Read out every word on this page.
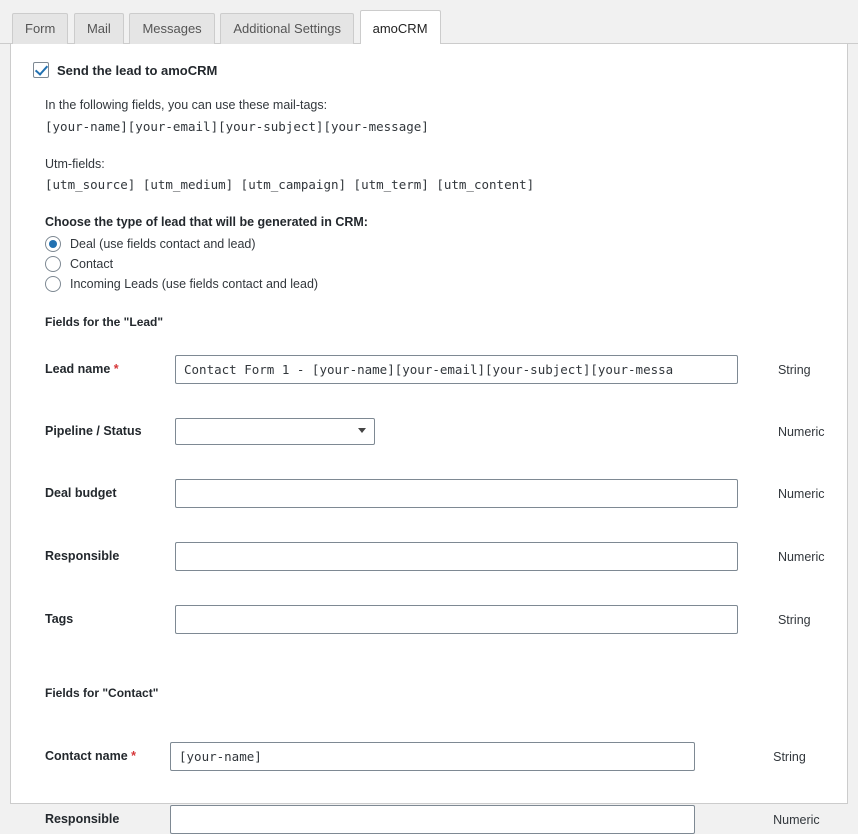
Form Mail Messages Additional Settings amoCRM
Send the lead to amoCRM
In the following fields, you can use these mail-tags:
[your-name][your-email][your-subject][your-message]
Utm-fields:
[utm_source] [utm_medium] [utm_campaign] [utm_term] [utm_content]
Choose the type of lead that will be generated in CRM:
Deal (use fields contact and lead)
Contact
Incoming Leads (use fields contact and lead)
Fields for the "Lead"

Lead name *	Contact Form 1 - [your-name][your-email][your-subject][your-messa	String

Pipeline / Status		Numeric

Deal budget		Numeric

Responsible		Numeric

Tags		String

Fields for "Contact"

Contact name *	[your-name]	String

Responsible		Numeric
